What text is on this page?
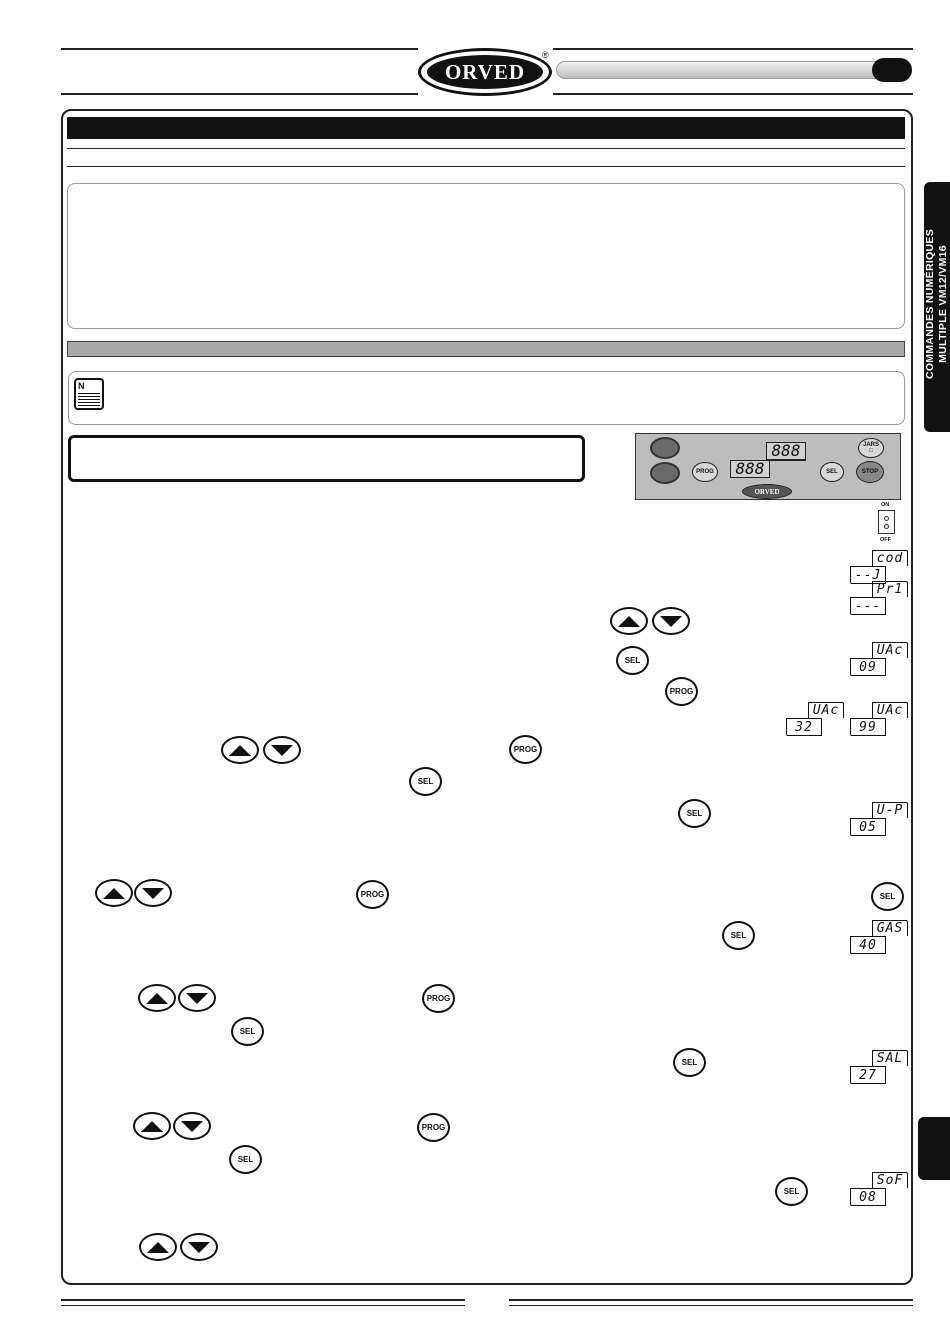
ORVED
®
COMMANDES NUMÉRIQUES MULTIPLE VM12/VM16
N
PROG
888
888	SEL
JARS
□
STOP
ORVED
ON
OFF
cod
--J
Pr1
---
UAc
09
UAc
32
UAc
99
U-P
05
GAS
40
SAL
27
SoF
08
SEL
PROG
PROG
SEL
SEL
PROG	SEL
SEL
PROG
SEL
SEL
PROG
SEL
SEL
